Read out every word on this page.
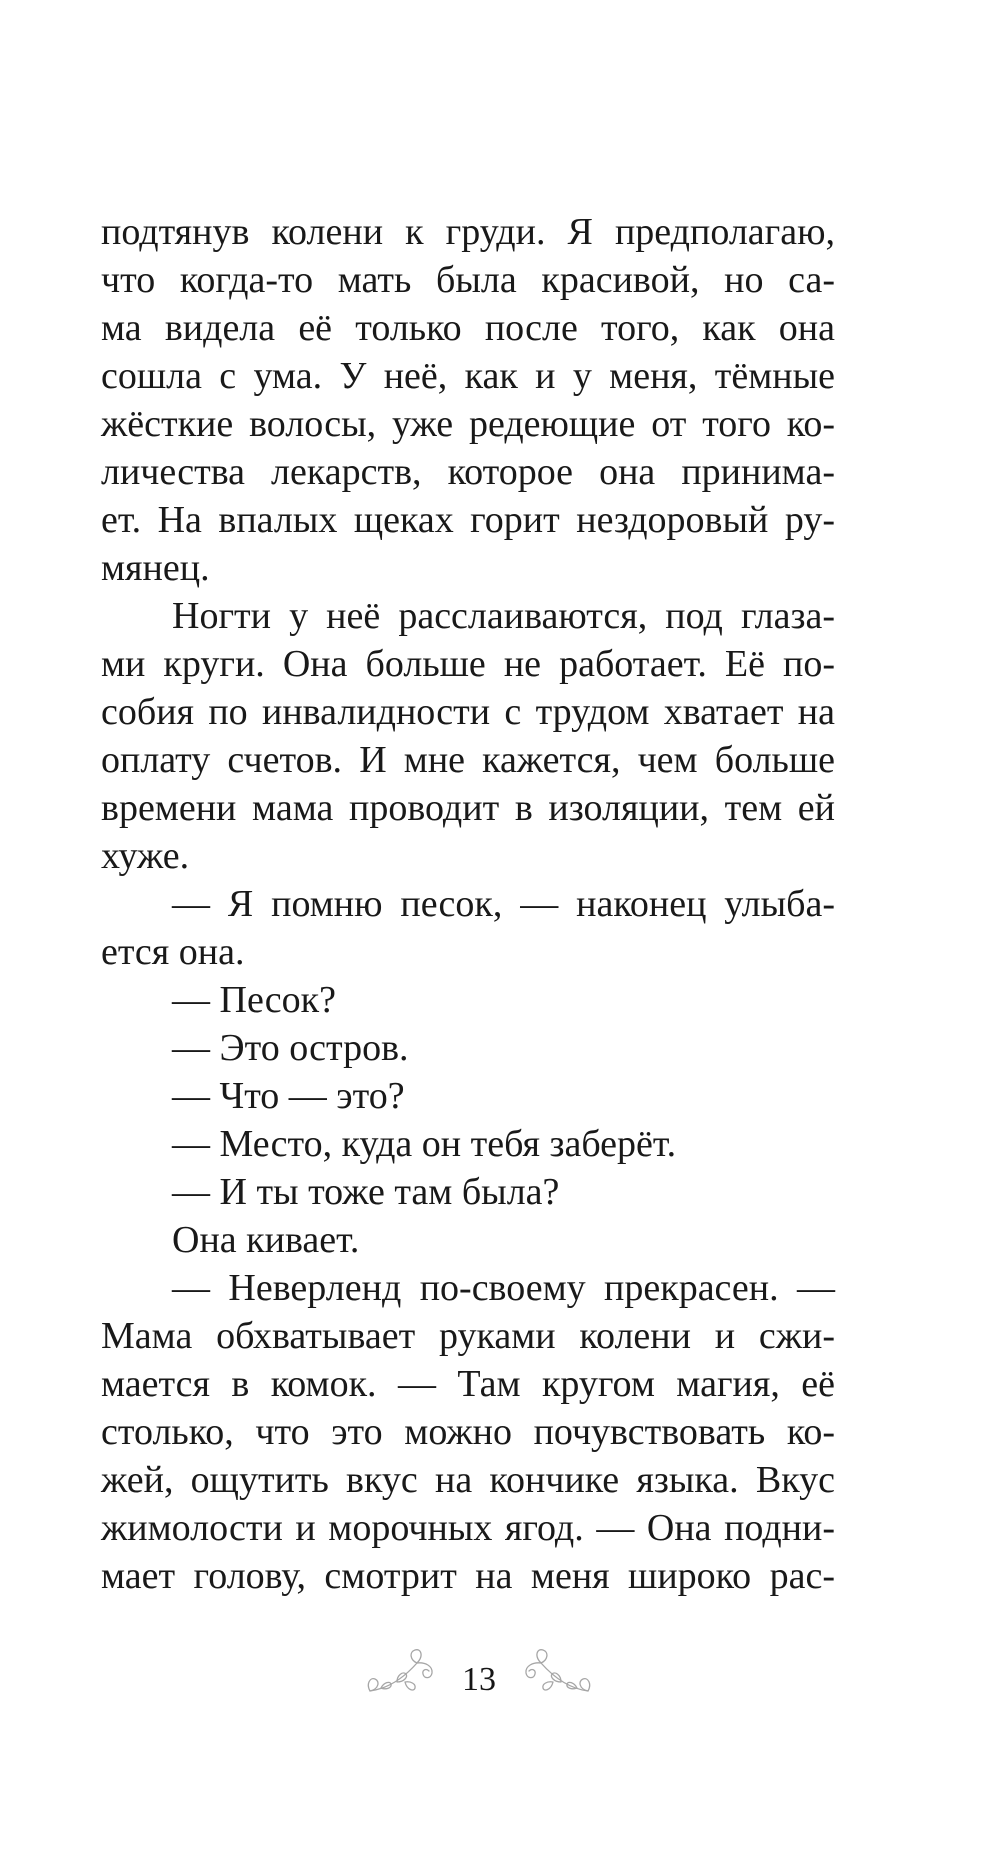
подтянув колени к груди. Я предполагаю,
что когда-то мать была красивой, но са-
ма видела её только после того, как она
сошла с ума. У неё, как и у меня, тёмные
жёсткие волосы, уже редеющие от того ко-
личества лекарств, которое она принима-
ет. На впалых щеках горит нездоровый ру-
мянец.
Ногти у неё расслаиваются, под глаза-
ми круги. Она больше не работает. Её по-
собия по инвалидности с трудом хватает на
оплату счетов. И мне кажется, чем больше
времени мама проводит в изоляции, тем ей
хуже.
— Я помню песок, — наконец улыба-
ется она.
— Песок?
— Это остров.
— Что — это?
— Место, куда он тебя заберёт.
— И ты тоже там была?
Она кивает.
— Неверленд по-своему прекрасен. —
Мама обхватывает руками колени и сжи-
мается в комок. — Там кругом магия, её
столько, что это можно почувствовать ко-
жей, ощутить вкус на кончике языка. Вкус
жимолости и морочных ягод. — Она подни-
мает голову, смотрит на меня широко рас-
13
